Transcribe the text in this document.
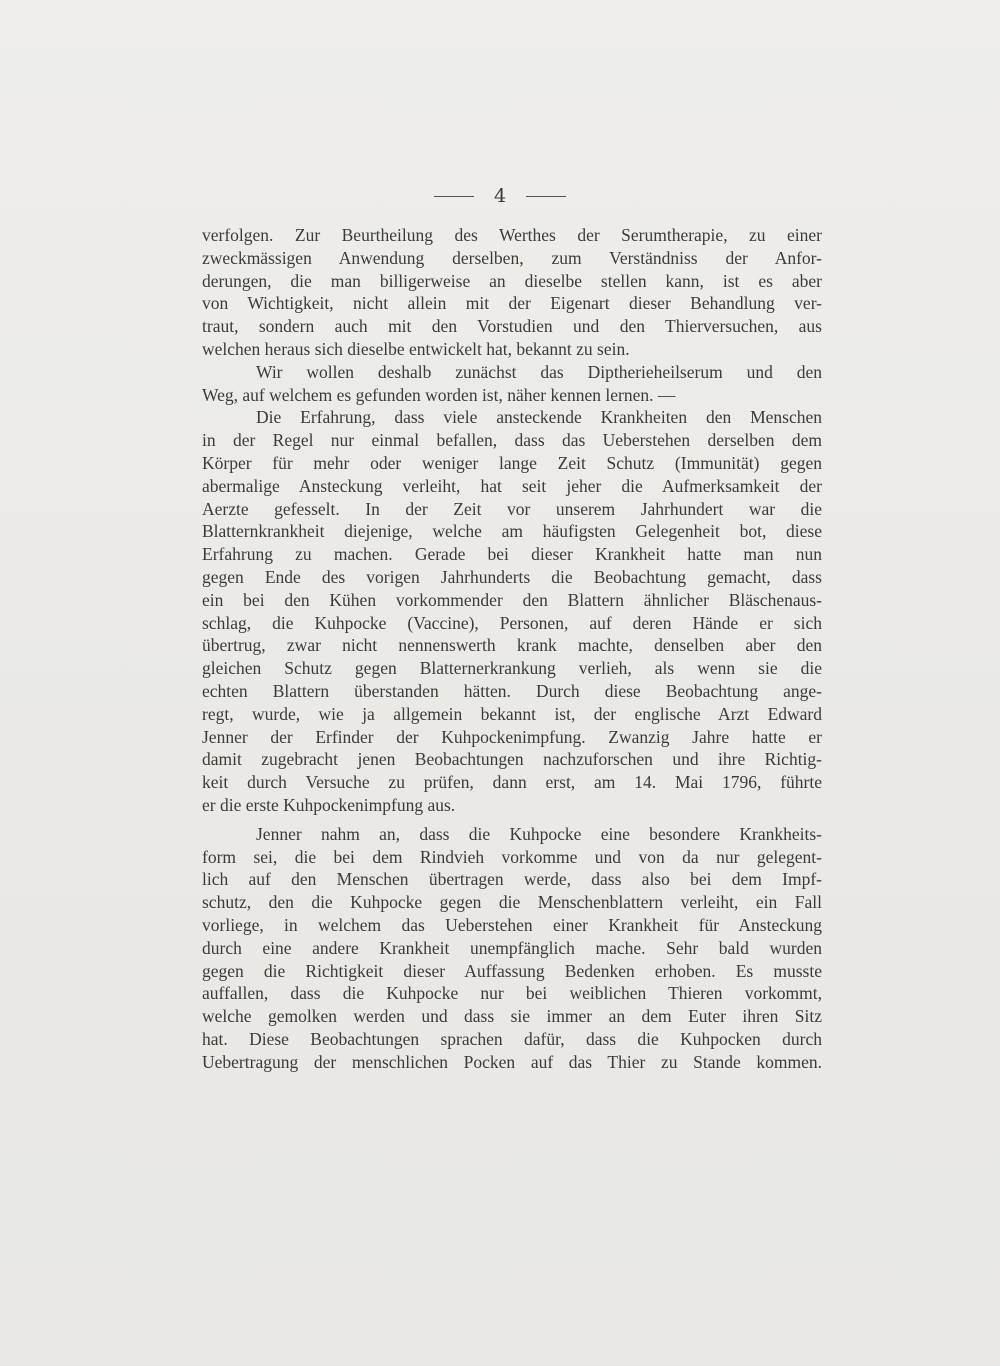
4
verfolgen. Zur Beurtheilung des Werthes der Serumtherapie, zu einer
zweckmässigen Anwendung derselben, zum Verständniss der Anfor-
derungen, die man billigerweise an dieselbe stellen kann, ist es aber
von Wichtigkeit, nicht allein mit der Eigenart dieser Behandlung ver-
traut, sondern auch mit den Vorstudien und den Thierversuchen, aus
welchen heraus sich dieselbe entwickelt hat, bekannt zu sein.
Wir wollen deshalb zunächst das Diptherieheilserum und den
Weg, auf welchem es gefunden worden ist, näher kennen lernen. —
Die Erfahrung, dass viele ansteckende Krankheiten den Menschen
in der Regel nur einmal befallen, dass das Ueberstehen derselben dem
Körper für mehr oder weniger lange Zeit Schutz (Immunität) gegen
abermalige Ansteckung verleiht, hat seit jeher die Aufmerksamkeit der
Aerzte gefesselt. In der Zeit vor unserem Jahrhundert war die
Blatternkrankheit diejenige, welche am häufigsten Gelegenheit bot, diese
Erfahrung zu machen. Gerade bei dieser Krankheit hatte man nun
gegen Ende des vorigen Jahrhunderts die Beobachtung gemacht, dass
ein bei den Kühen vorkommender den Blattern ähnlicher Bläschenaus-
schlag, die Kuhpocke (Vaccine), Personen, auf deren Hände er sich
übertrug, zwar nicht nennenswerth krank machte, denselben aber den
gleichen Schutz gegen Blatternerkrankung verlieh, als wenn sie die
echten Blattern überstanden hätten. Durch diese Beobachtung ange-
regt, wurde, wie ja allgemein bekannt ist, der englische Arzt Edward
Jenner der Erfinder der Kuhpockenimpfung. Zwanzig Jahre hatte er
damit zugebracht jenen Beobachtungen nachzuforschen und ihre Richtig-
keit durch Versuche zu prüfen, dann erst, am 14. Mai 1796, führte
er die erste Kuhpockenimpfung aus.
Jenner nahm an, dass die Kuhpocke eine besondere Krankheits-
form sei, die bei dem Rindvieh vorkomme und von da nur gelegent-
lich auf den Menschen übertragen werde, dass also bei dem Impf-
schutz, den die Kuhpocke gegen die Menschenblattern verleiht, ein Fall
vorliege, in welchem das Ueberstehen einer Krankheit für Ansteckung
durch eine andere Krankheit unempfänglich mache. Sehr bald wurden
gegen die Richtigkeit dieser Auffassung Bedenken erhoben. Es musste
auffallen, dass die Kuhpocke nur bei weiblichen Thieren vorkommt,
welche gemolken werden und dass sie immer an dem Euter ihren Sitz
hat. Diese Beobachtungen sprachen dafür, dass die Kuhpocken durch
Uebertragung der menschlichen Pocken auf das Thier zu Stande kommen.
